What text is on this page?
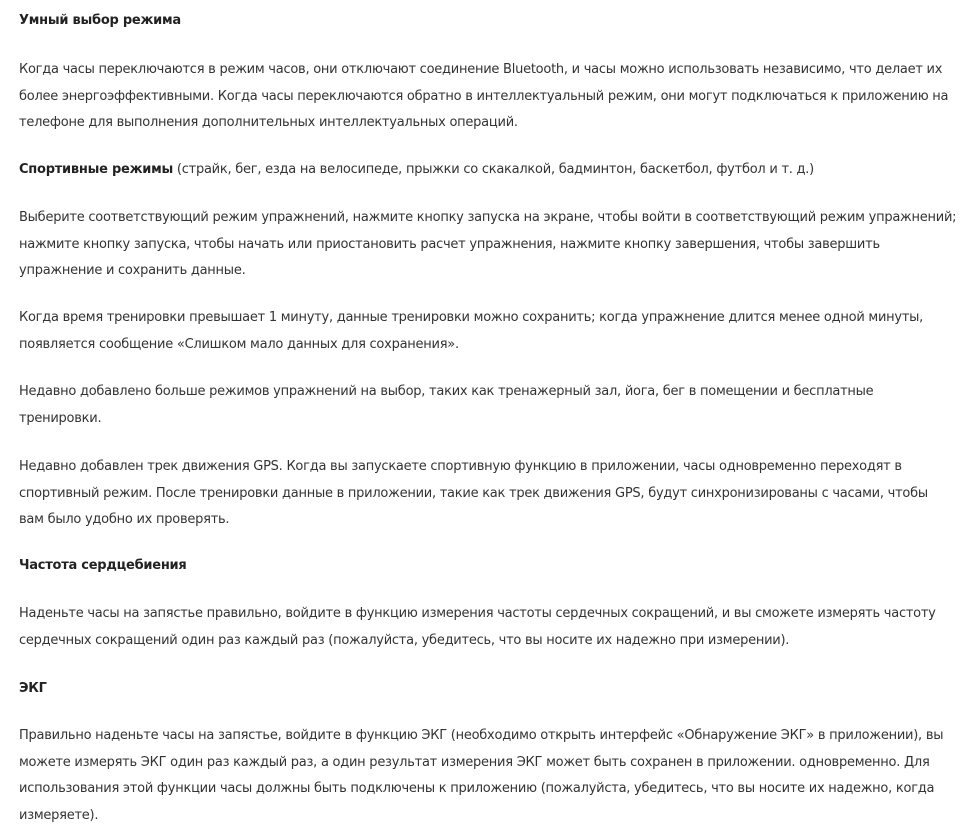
Умный выбор режима
Когда часы переключаются в режим часов, они отключают соединение Bluetooth, и часы можно использовать независимо, что делает их
более энергоэффективными. Когда часы переключаются обратно в интеллектуальный режим, они могут подключаться к приложению на
телефоне для выполнения дополнительных интеллектуальных операций.
Спортивные режимы (страйк, бег, езда на велосипеде, прыжки со скакалкой, бадминтон, баскетбол, футбол и т. д.)
Выберите соответствующий режим упражнений, нажмите кнопку запуска на экране, чтобы войти в соответствующий режим упражнений;
нажмите кнопку запуска, чтобы начать или приостановить расчет упражнения, нажмите кнопку завершения, чтобы завершить
упражнение и сохранить данные.
Когда время тренировки превышает 1 минуту, данные тренировки можно сохранить; когда упражнение длится менее одной минуты,
появляется сообщение «Слишком мало данных для сохранения».
Недавно добавлено больше режимов упражнений на выбор, таких как тренажерный зал, йога, бег в помещении и бесплатные
тренировки.
Недавно добавлен трек движения GPS. Когда вы запускаете спортивную функцию в приложении, часы одновременно переходят в
спортивный режим. После тренировки данные в приложении, такие как трек движения GPS, будут синхронизированы с часами, чтобы
вам было удобно их проверять.
Частота сердцебиения
Наденьте часы на запястье правильно, войдите в функцию измерения частоты сердечных сокращений, и вы сможете измерять частоту
сердечных сокращений один раз каждый раз (пожалуйста, убедитесь, что вы носите их надежно при измерении).
ЭКГ
Правильно наденьте часы на запястье, войдите в функцию ЭКГ (необходимо открыть интерфейс «Обнаружение ЭКГ» в приложении), вы
можете измерять ЭКГ один раз каждый раз, а один результат измерения ЭКГ может быть сохранен в приложении. одновременно. Для
использования этой функции часы должны быть подключены к приложению (пожалуйста, убедитесь, что вы носите их надежно, когда
измеряете).
